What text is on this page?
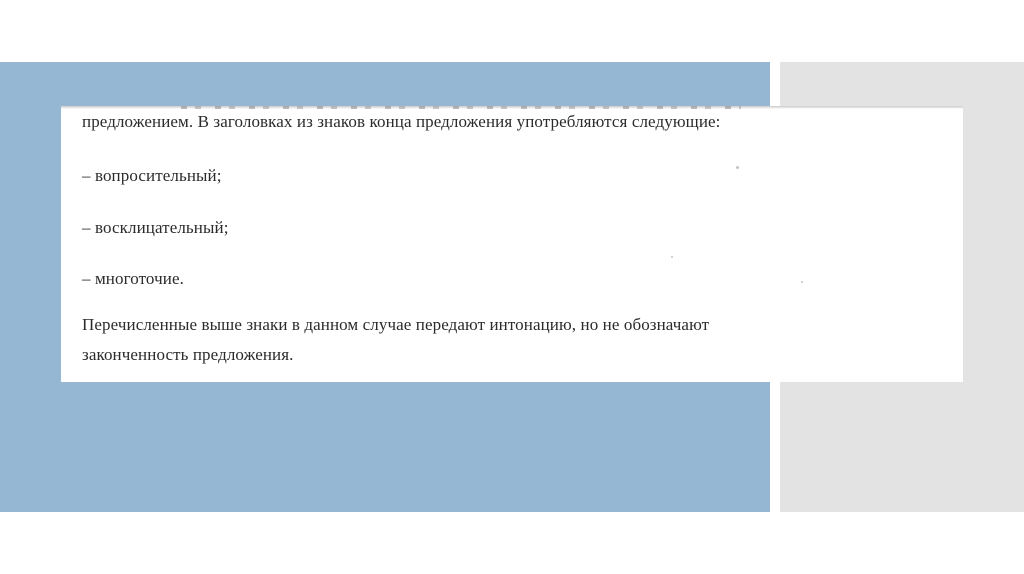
предложением. В заголовках из знаков конца предложения употребляются следующие:

– вопросительный;

– восклицательный;

– многоточие.

Перечисленные выше знаки в данном случае передают интонацию, но не обозначают

законченность предложения.
